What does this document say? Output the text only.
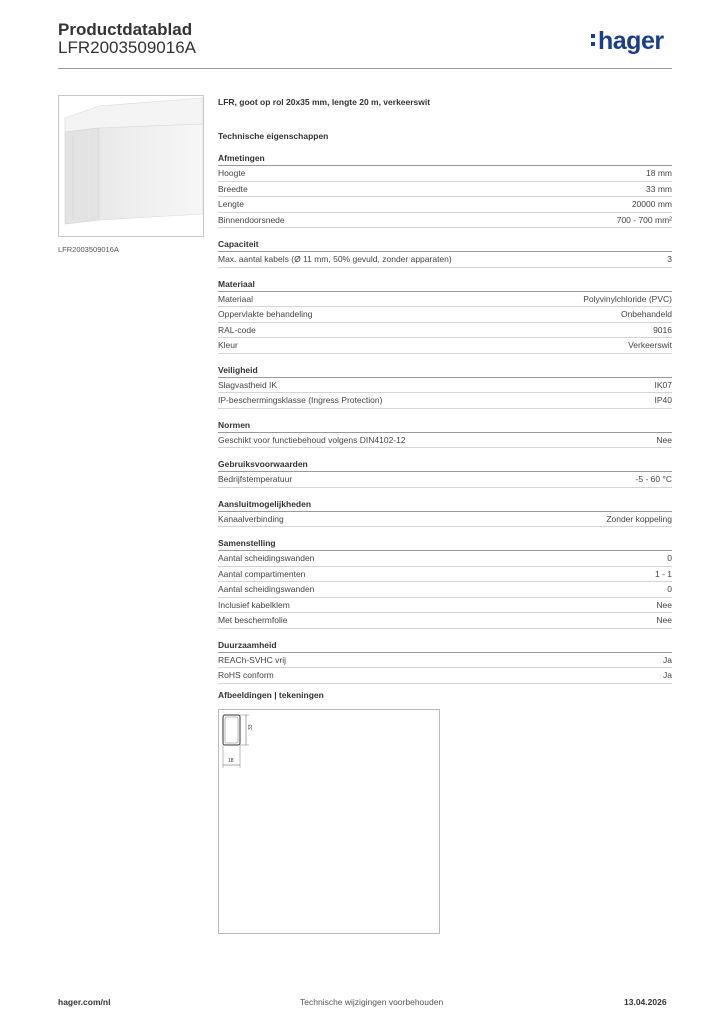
Productdatablad
LFR2003509016A	hager
LFR2003509016A
LFR, goot op rol 20x35 mm, lengte 20 m, verkeerswit
Technische eigenschappen
Afmetingen
Hoogte	18 mm
Breedte	33 mm
Lengte	20000 mm
Binnendoorsnede	700 - 700 mm²
Capaciteit
Max. aantal kabels (Ø 11 mm, 50% gevuld, zonder apparaten)	3
Materiaal
Materiaal	Polyvinylchloride (PVC)
Oppervlakte behandeling	Onbehandeld
RAL-code	9016
Kleur	Verkeerswit
Veiligheid
Slagvastheid IK	IK07
IP-beschermingsklasse (Ingress Protection)	IP40
Normen
Geschikt voor functiebehoud volgens DIN4102-12	Nee
Gebruiksvoorwaarden
Bedrijfstemperatuur	-5 - 60 °C
Aansluitmogelijkheden
Kanaalverbinding	Zonder koppeling
Samenstelling
Aantal scheidingswanden	0
Aantal compartimenten	1 - 1
Aantal scheidingswanden	0
Inclusief kabelklem	Nee
Met beschermfolie	Nee
Duurzaamheid
REACh-SVHC vrij	Ja
RoHS conform	Ja
Afbeeldingen | tekeningen
33
18
hager.com/nl	Technische wijzigingen voorbehouden	13.04.2026
